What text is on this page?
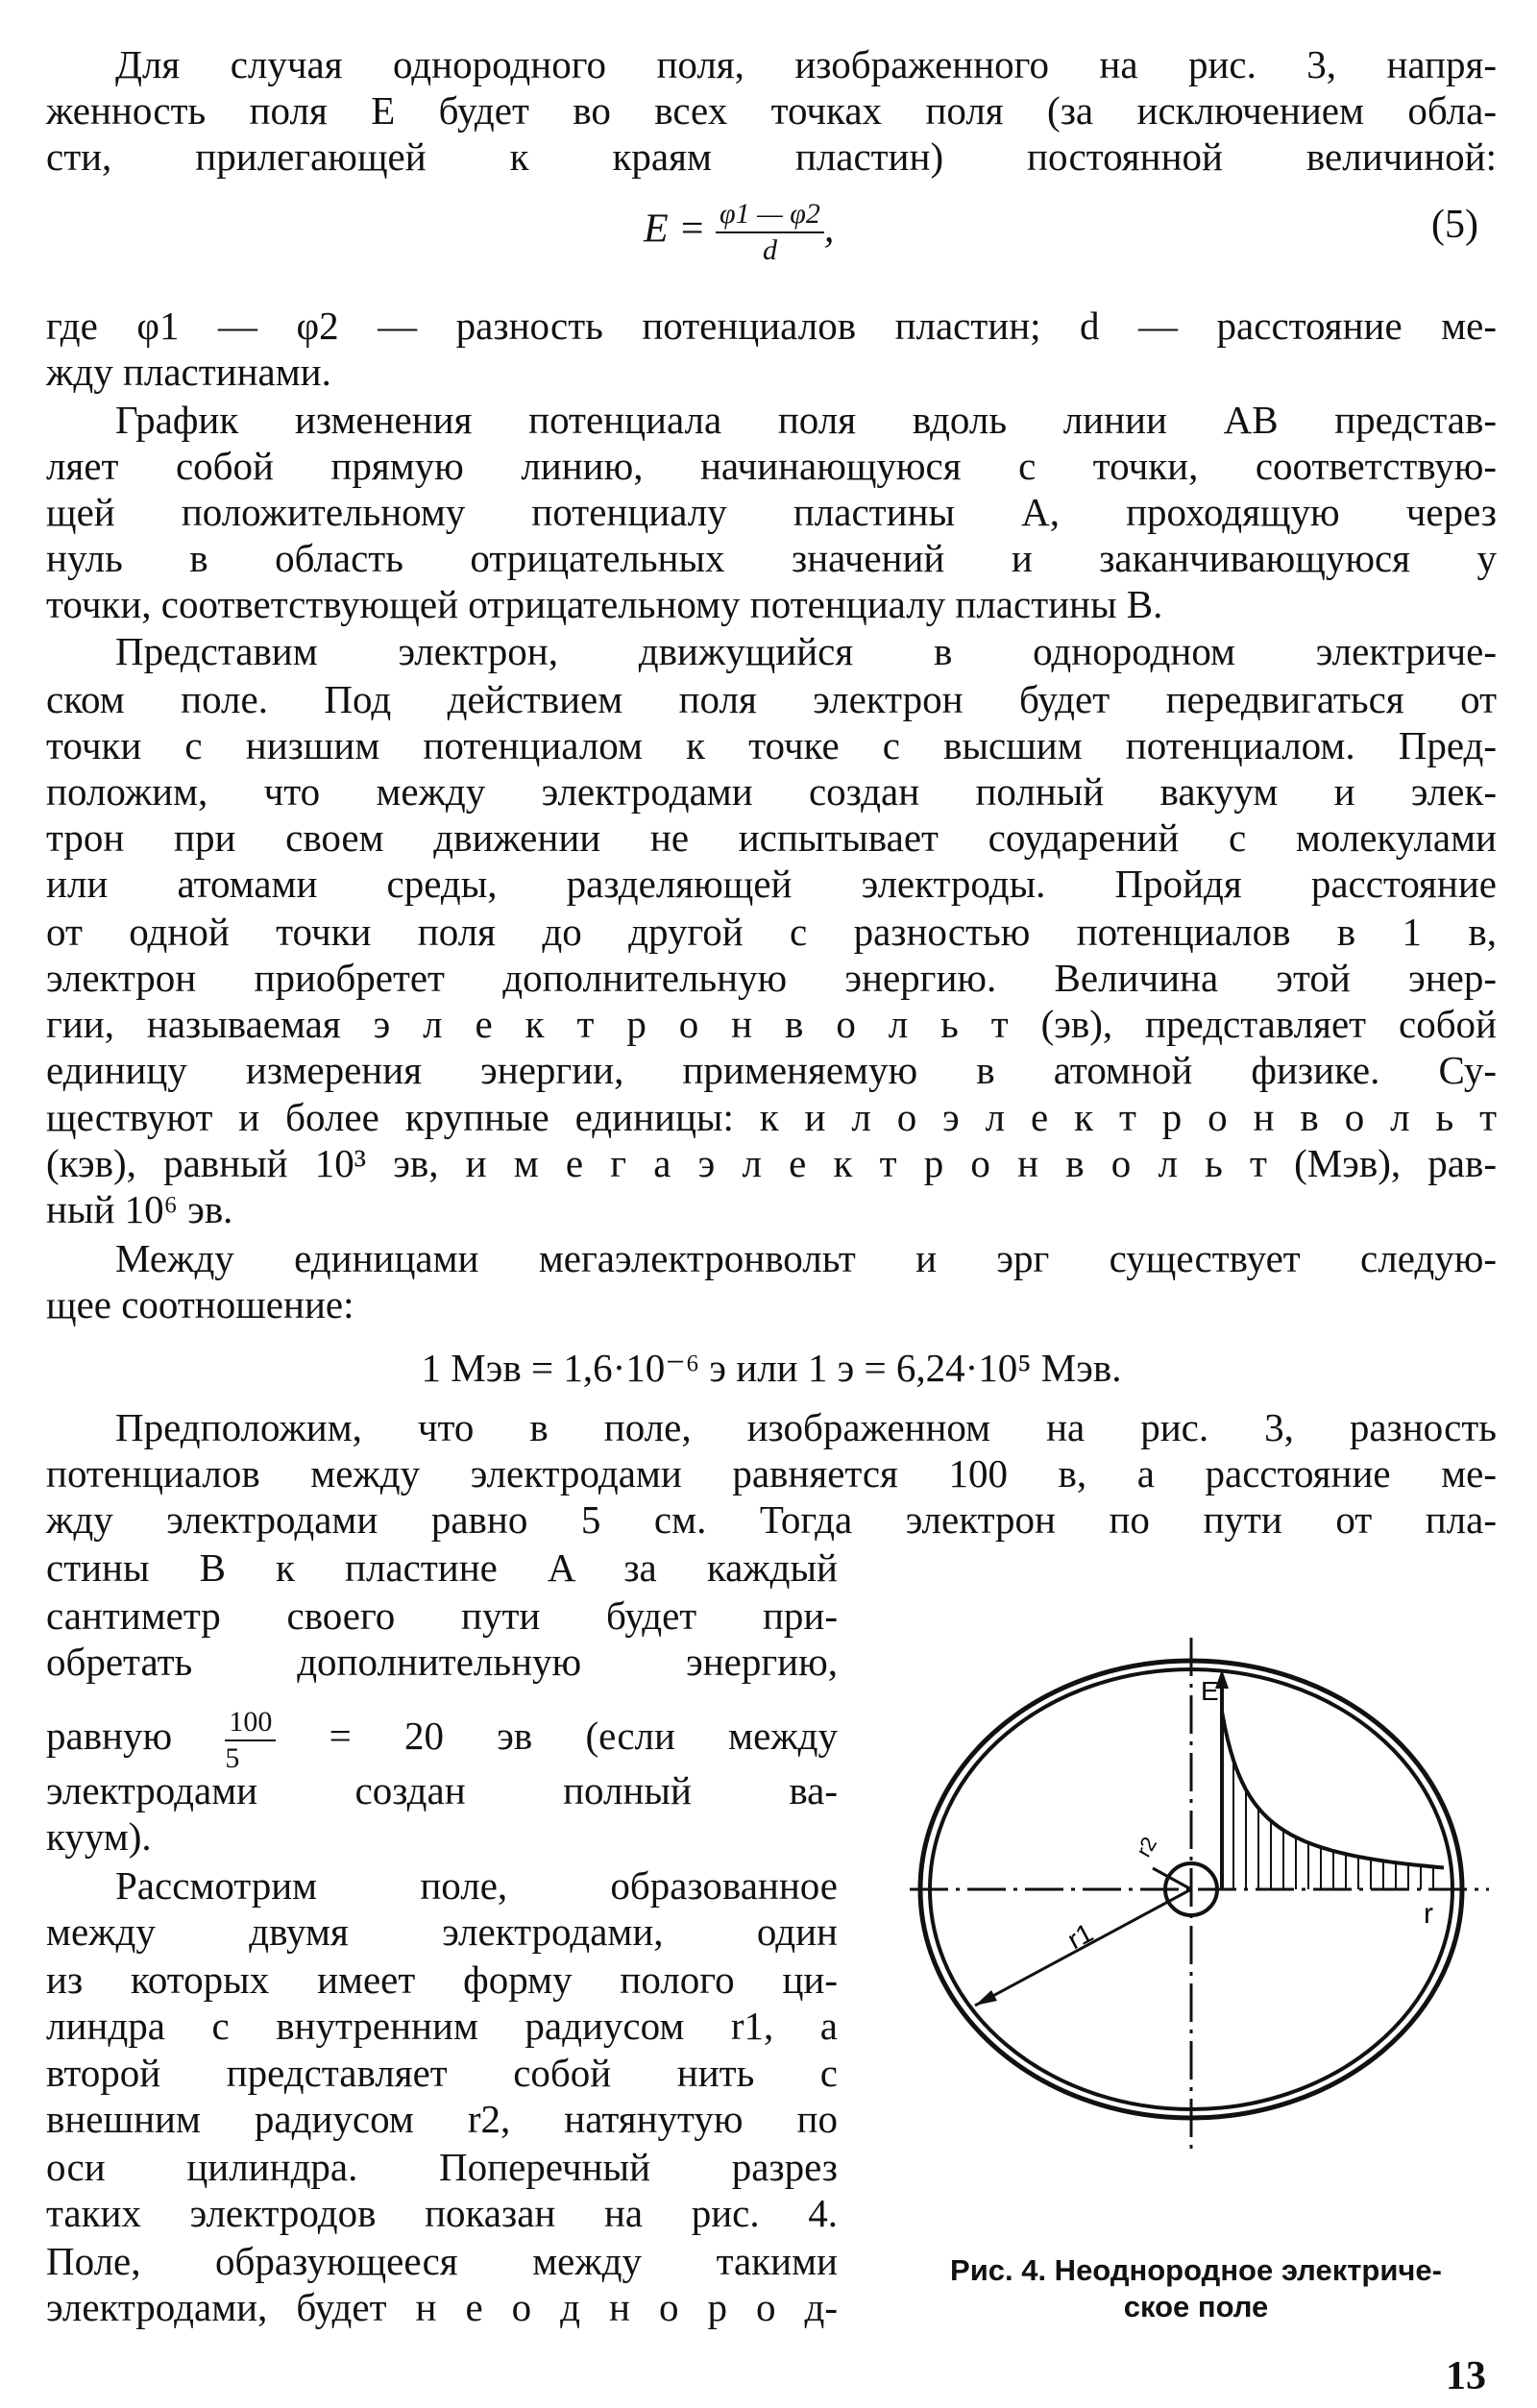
Для случая однородного поля, изображенного на рис. 3, напря-
женность поля E будет во всех точках поля (за исключением обла-
сти, прилегающей к краям пластин) постоянной величиной:
где φ1 — φ2 — разность потенциалов пластин; d — расстояние ме-
жду пластинами.
График изменения потенциала поля вдоль линии AB представ-
ляет собой прямую линию, начинающуюся с точки, соответствую-
щей положительному потенциалу пластины A, проходящую через
нуль в область отрицательных значений и заканчивающуюся у
точки, соответствующей отрицательному потенциалу пластины B.
Представим электрон, движущийся в однородном электриче-
ском поле. Под действием поля электрон будет передвигаться от
точки с низшим потенциалом к точке с высшим потенциалом. Пред-
положим, что между электродами создан полный вакуум и элек-
трон при своем движении не испытывает соударений с молекулами
или атомами среды, разделяющей электроды. Пройдя расстояние
от одной точки поля до другой с разностью потенциалов в 1 в,
электрон приобретет дополнительную энергию. Величина этой энер-
гии, называемая э л е к т р о н в о л ь т (эв), представляет собой
единицу измерения энергии, применяемую в атомной физике. Су-
ществуют и более крупные единицы: к и л о э л е к т р о н в о л ь т
(кэв), равный 10³ эв, и м е г а э л е к т р о н в о л ь т (Мэв), рав-
ный 10⁶ эв.
Между единицами мегаэлектронвольт и эрг существует следую-
щее соотношение:
Предположим, что в поле, изображенном на рис. 3, разность
потенциалов между электродами равняется 100 в, а расстояние ме-
жду электродами равно 5 см. Тогда электрон по пути от пла-
стины B к пластине A за каждый
сантиметр своего пути будет при-
обретать дополнительную энергию,
электродами создан полный ва-
куум).
Рассмотрим поле, образованное
между двумя электродами, один
из которых имеет форму полого ци-
линдра с внутренним радиусом r1, а
второй представляет собой нить с
внешним радиусом r2, натянутую по
оси цилиндра. Поперечный разрез
таких электродов показан на рис. 4.
Поле, образующееся между такими
электродами, будет н е о д н о р о д-
$E = \frac{\varphi 1 — \varphi 2}{d}$ ,	(5)
1 Мэв = 1,6·10⁻⁶ э или 1 э = 6,24·10⁵ Мэв.
равную $\frac{100}{5} = 20$ эв (если между
E
r
r1
r2
Рис. 4. Неоднородное электриче-
ское поле
13
